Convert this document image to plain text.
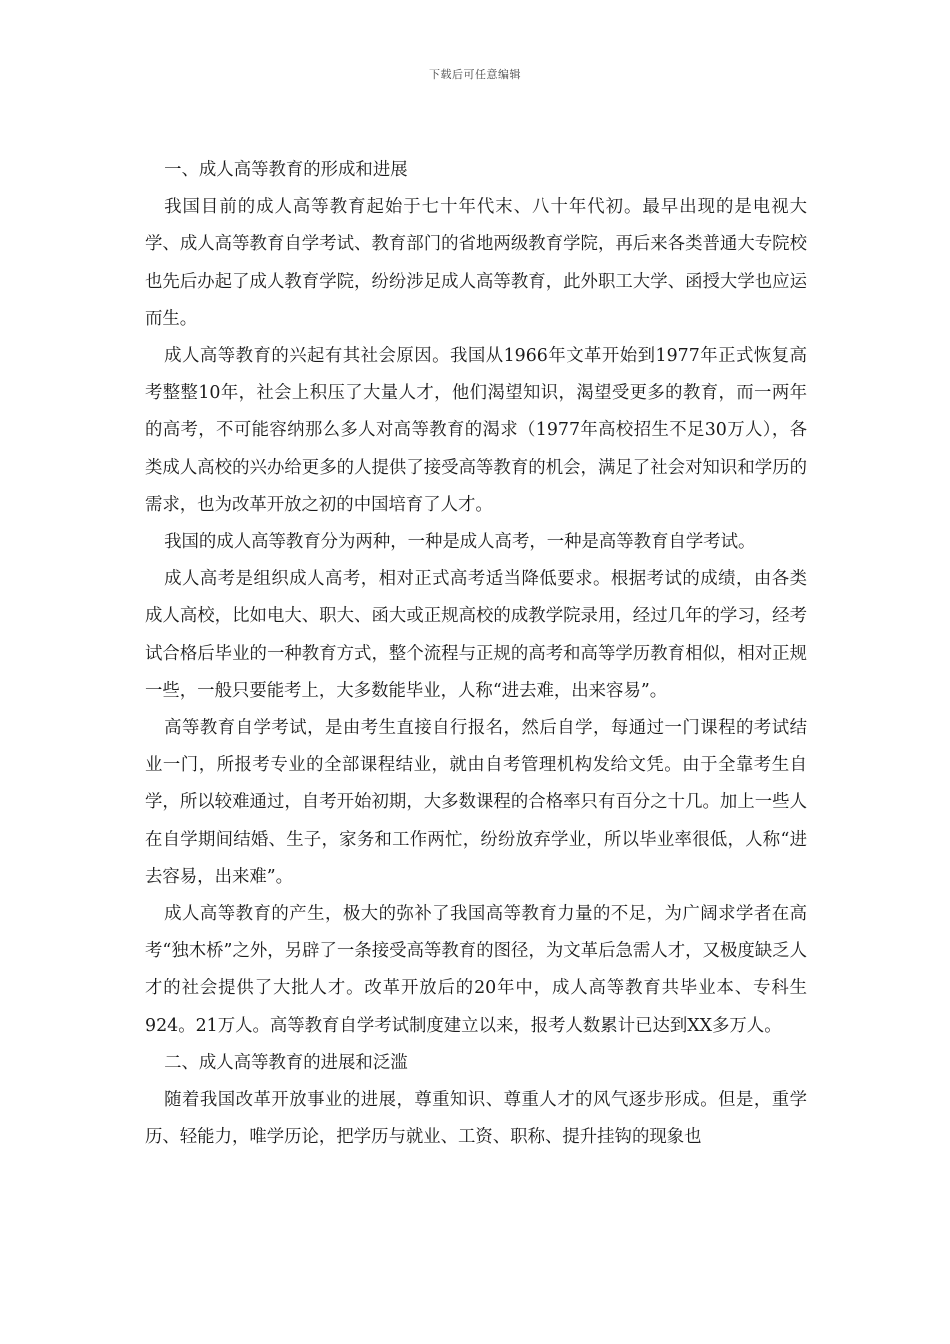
下载后可任意编辑

一、成人高等教育的形成和进展

我国目前的成人高等教育起始于七十年代末、八十年代初。最早出现的是电视大学、成人高等教育自学考试、教育部门的省地两级教育学院，再后来各类普通大专院校也先后办起了成人教育学院，纷纷涉足成人高等教育，此外职工大学、函授大学也应运而生。

成人高等教育的兴起有其社会原因。我国从1966年文革开始到1977年正式恢复高考整整10年，社会上积压了大量人才，他们渴望知识，渴望受更多的教育，而一两年的高考，不可能容纳那么多人对高等教育的渴求（1977年高校招生不足30万人），各类成人高校的兴办给更多的人提供了接受高等教育的机会，满足了社会对知识和学历的需求，也为改革开放之初的中国培育了人才。

我国的成人高等教育分为两种，一种是成人高考，一种是高等教育自学考试。

成人高考是组织成人高考，相对正式高考适当降低要求。根据考试的成绩，由各类成人高校，比如电大、职大、函大或正规高校的成教学院录用，经过几年的学习，经考试合格后毕业的一种教育方式，整个流程与正规的高考和高等学历教育相似，相对正规一些，一般只要能考上，大多数能毕业，人称“进去难，出来容易”。

高等教育自学考试，是由考生直接自行报名，然后自学，每通过一门课程的考试结业一门，所报考专业的全部课程结业，就由自考管理机构发给文凭。由于全靠考生自学，所以较难通过，自考开始初期，大多数课程的合格率只有百分之十几。加上一些人在自学期间结婚、生子，家务和工作两忙，纷纷放弃学业，所以毕业率很低，人称“进去容易，出来难”。

成人高等教育的产生，极大的弥补了我国高等教育力量的不足，为广阔求学者在高考“独木桥”之外，另辟了一条接受高等教育的图径，为文革后急需人才，又极度缺乏人才的社会提供了大批人才。改革开放后的20年中，成人高等教育共毕业本、专科生924。21万人。高等教育自学考试制度建立以来，报考人数累计已达到XX多万人。

二、成人高等教育的进展和泛滥

随着我国改革开放事业的进展，尊重知识、尊重人才的风气逐步形成。但是，重学历、轻能力，唯学历论，把学历与就业、工资、职称、提升挂钩的现象也
